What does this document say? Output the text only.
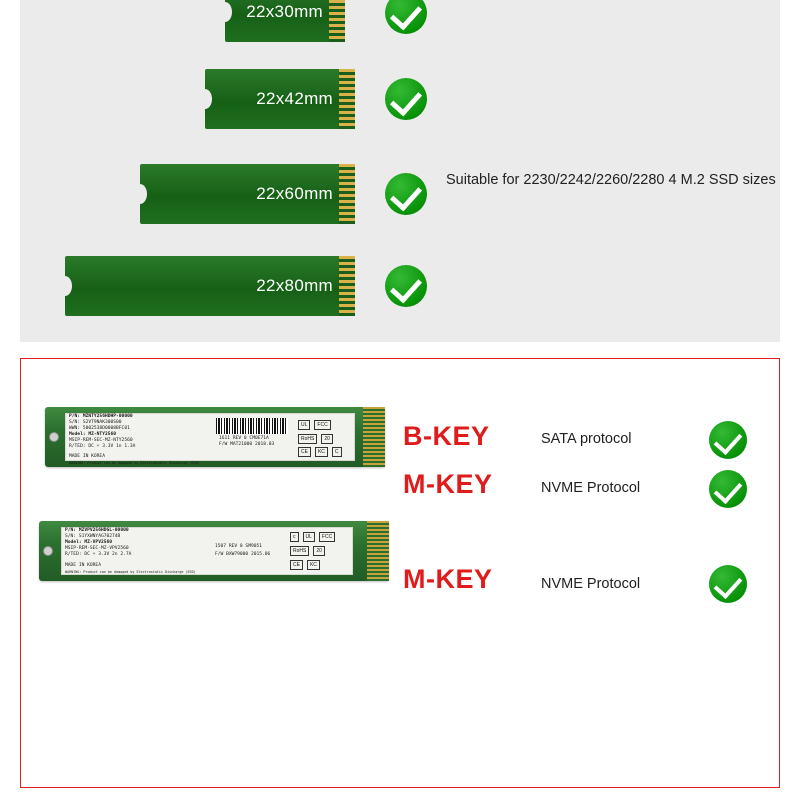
22x30mm
22x42mm
22x60mm
22x80mm
Suitable for 2230/2242/2260/2280 4 M.2 SSD sizes
P/N: MZNTY256HDHP-00000
S/N: S2VT9NAK300S00
WWN: 5002538D0008BFC01
Model: MZ-NTY2560
MSIP-REM-SEC-MZ-NTY2560
R/TED: DC + 3.3V 1n 1.3A
MADE IN KOREA
WARNING: Product can be damaged by Electrostatic Discharge (ESD)
1611 REV 0 CM0E71A
F/W MAT21000 2018.03
UL	FCC
RoHS	20
CE	KC	C
P/N: MZVPV256HDGL-00000
S/N: S1YXWNYAG70274B
Model: MZ-VPV2560
MSIP-REM-SEC-MZ-VPV2560
R/TED: DC + 3.3V 2n 2.7A
MADE IN KOREA
WARNING: Product can be damaged by Electrostatic Discharge (ESD)
1507 REV 0 SM9051
F/W BXW79000 2015.06
c	UL	FCC
RoHS	20
CE	KC
B-KEY	SATA protocol
M-KEY	NVME Protocol
M-KEY	NVME Protocol
